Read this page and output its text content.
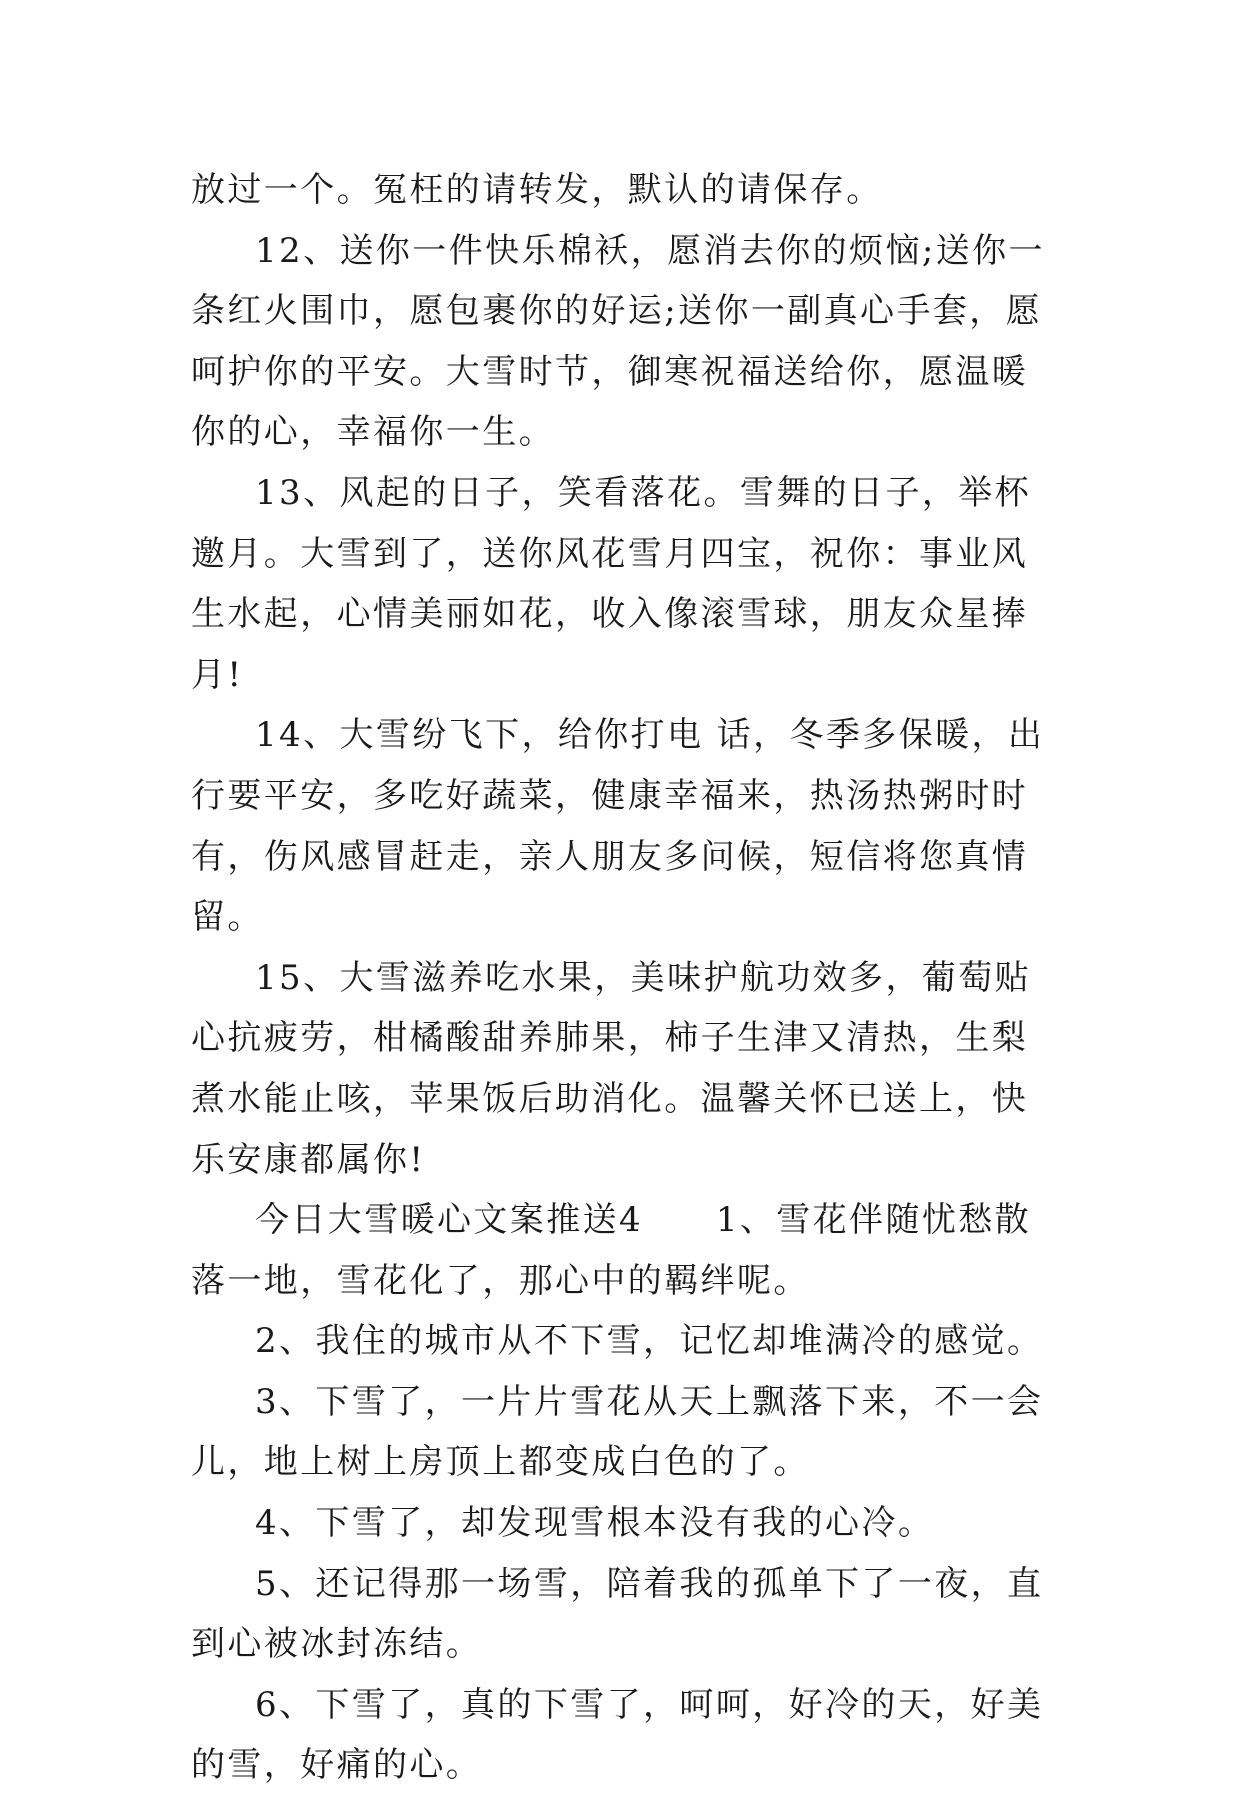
放过一个。冤枉的请转发，默认的请保存。

12、送你一件快乐棉袄，愿消去你的烦恼;送你一条红火围巾，愿包裹你的好运;送你一副真心手套，愿呵护你的平安。大雪时节，御寒祝福送给你，愿温暖你的心，幸福你一生。

13、风起的日子，笑看落花。雪舞的日子，举杯邀月。大雪到了，送你风花雪月四宝，祝你：事业风生水起，心情美丽如花，收入像滚雪球，朋友众星捧月!

14、大雪纷飞下，给你打电 话，冬季多保暖，出行要平安，多吃好蔬菜，健康幸福来，热汤热粥时时有，伤风感冒赶走，亲人朋友多问候，短信将您真情留。

15、大雪滋养吃水果，美味护航功效多，葡萄贴心抗疲劳，柑橘酸甜养肺果，柿子生津又清热，生梨煮水能止咳，苹果饭后助消化。温馨关怀已送上，快乐安康都属你!

今日大雪暖心文案推送4　　1、雪花伴随忧愁散落一地，雪花化了，那心中的羁绊呢。

2、我住的城市从不下雪，记忆却堆满冷的感觉。

3、下雪了，一片片雪花从天上飘落下来，不一会儿，地上树上房顶上都变成白色的了。

4、下雪了，却发现雪根本没有我的心冷。

5、还记得那一场雪，陪着我的孤单下了一夜，直到心被冰封冻结。

6、下雪了，真的下雪了，呵呵，好冷的天，好美的雪，好痛的心。
